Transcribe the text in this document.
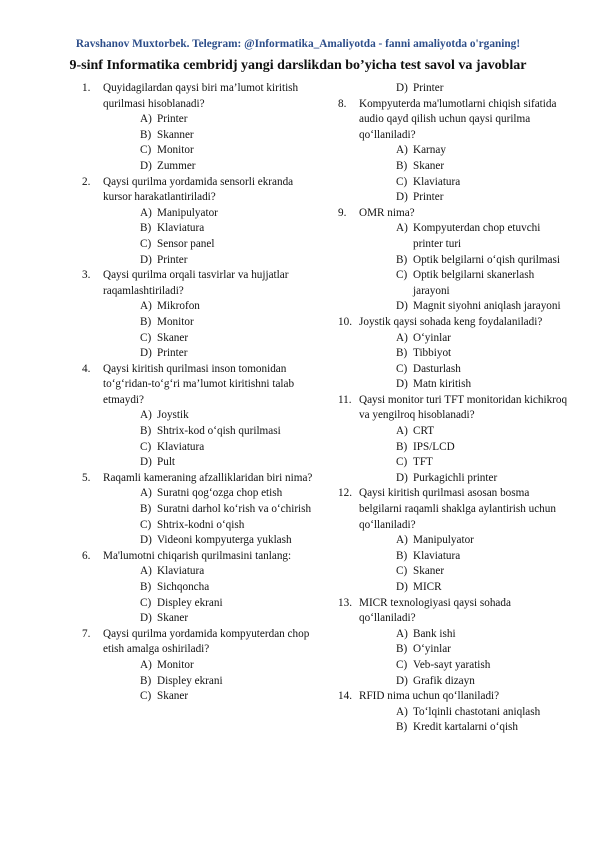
Ravshanov Muxtorbek. Telegram: @Informatika_Amaliyotda - fanni amaliyotda o'rganing!
9-sinf Informatika cembridj yangi darslikdan bo’yicha test savol va javoblar
1. Quyidagilardan qaysi biri ma’lumot kiritish qurilmasi hisoblanadi?
A) Printer
B) Skanner
C) Monitor
D) Zummer
2. Qaysi qurilma yordamida sensorli ekranda kursor harakatlantiriladi?
A) Manipulyator
B) Klaviatura
C) Sensor panel
D) Printer
3. Qaysi qurilma orqali tasvirlar va hujjatlar raqamlashtiriladi?
A) Mikrofon
B) Monitor
C) Skaner
D) Printer
4. Qaysi kiritish qurilmasi inson tomonidan to‘g‘ridan-to‘g‘ri ma’lumot kiritishni talab etmaydi?
A) Joystik
B) Shtrix-kod o‘qish qurilmasi
C) Klaviatura
D) Pult
5. Raqamli kameraning afzalliklaridan biri nima?
A) Suratni qog‘ozga chop etish
B) Suratni darhol ko‘rish va o‘chirish
C) Shtrix-kodni o‘qish
D) Videoni kompyuterga yuklash
6. Ma'lumotni chiqarish qurilmasini tanlang:
A) Klaviatura
B) Sichqoncha
C) Displey ekrani
D) Skaner
7. Qaysi qurilma yordamida kompyuterdan chop etish amalga oshiriladi?
A) Monitor
B) Displey ekrani
C) Skaner
D) Printer
8. Kompyuterda ma'lumotlarni chiqish sifatida audio qayd qilish uchun qaysi qurilma qo‘llaniladi?
A) Karnay
B) Skaner
C) Klaviatura
D) Printer
9. OMR nima?
A) Kompyuterdan chop etuvchi printer turi
B) Optik belgilarni o‘qish qurilmasi
C) Optik belgilarni skanerlash jarayoni
D) Magnit siyohni aniqlash jarayoni
10. Joystik qaysi sohada keng foydalaniladi?
A) O‘yinlar
B) Tibbiyot
C) Dasturlash
D) Matn kiritish
11. Qaysi monitor turi TFT monitoridan kichikroq va yengilroq hisoblanadi?
A) CRT
B) IPS/LCD
C) TFT
D) Purkagichli printer
12. Qaysi kiritish qurilmasi asosan bosma belgilarni raqamli shaklga aylantirish uchun qo‘llaniladi?
A) Manipulyator
B) Klaviatura
C) Skaner
D) MICR
13. MICR texnologiyasi qaysi sohada qo‘llaniladi?
A) Bank ishi
B) O‘yinlar
C) Veb-sayt yaratish
D) Grafik dizayn
14. RFID nima uchun qo‘llaniladi?
A) To‘lqinli chastotani aniqlash
B) Kredit kartalarni o‘qish
